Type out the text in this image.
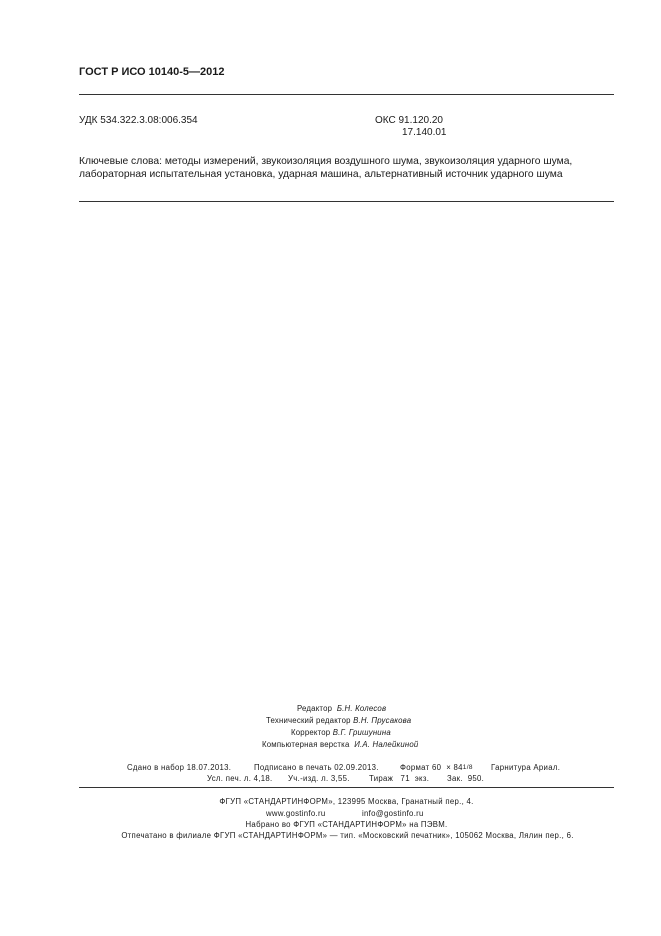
ГОСТ Р ИСО 10140-5—2012
УДК 534.322.3.08:006.354	ОКС 91.120.20
17.140.01
Ключевые слова: методы измерений, звукоизоляция воздушного шума, звукоизоляция ударного шума,
лабораторная испытательная установка, ударная машина, альтернативный источник ударного шума
Редактор Б.Н. Колесов
Технический редактор В.Н. Прусакова
Корректор В.Г. Гришунина
Компьютерная верстка И.А. Налейкиной
Сдано в набор 18.07.2013.	Подписано в печать 02.09.2013.	Формат 60 × 841/8 Гарнитура Ариал.
Усл. печ. л. 4,18. Уч.-изд. л. 3,55. Тираж   71  экз. Зак.  950.
ФГУП «СТАНДАРТИНФОРМ», 123995 Москва, Гранатный пер., 4.
www.gostinfo.ru	info@gostinfo.ru
Набрано во ФГУП «СТАНДАРТИНФОРМ» на ПЭВМ.
Отпечатано в филиале ФГУП «СТАНДАРТИНФОРМ» — тип. «Московский печатник», 105062 Москва, Лялин пер., 6.
